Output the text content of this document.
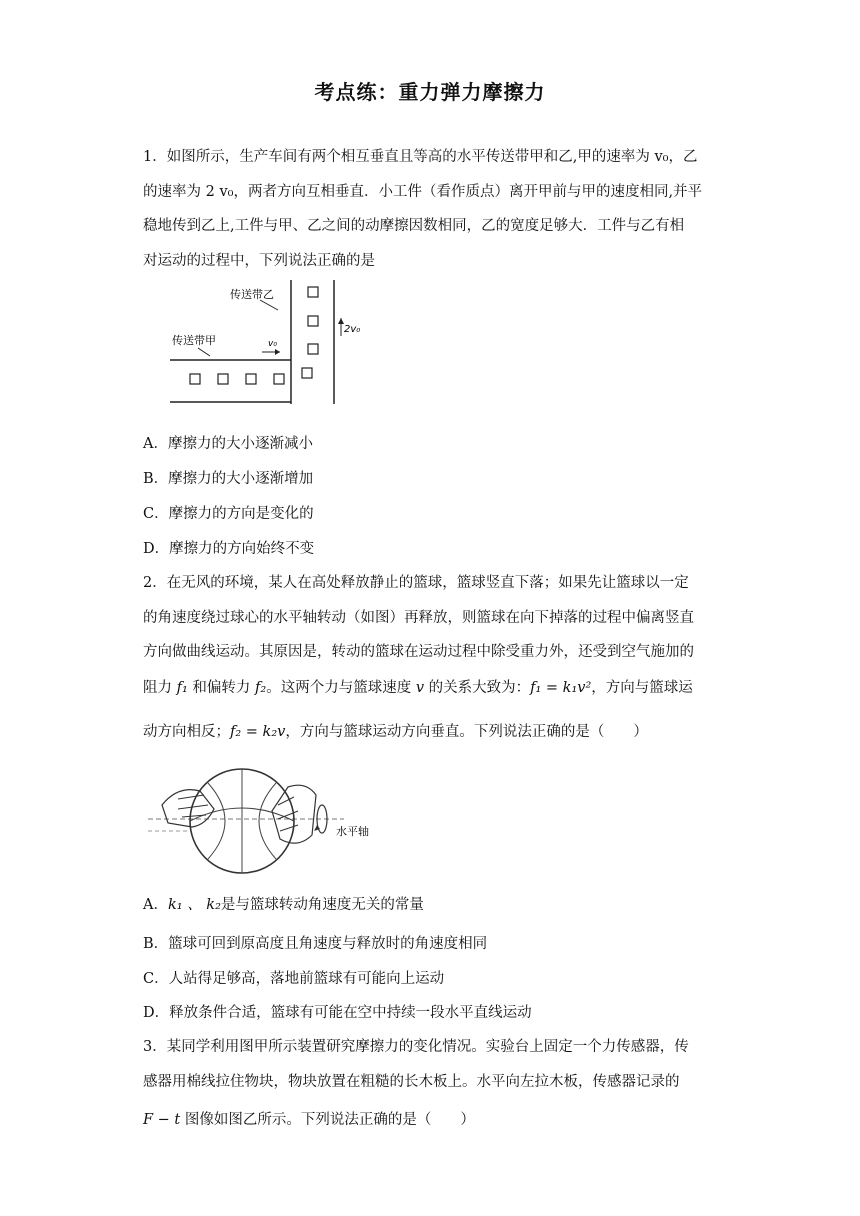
考点练：重力弹力摩擦力
1．如图所示，生产车间有两个相互垂直且等高的水平传送带甲和乙,甲的速率为 v₀，乙
的速率为 2 v₀，两者方向互相垂直．小工件（看作质点）离开甲前与甲的速度相同,并平
稳地传到乙上,工件与甲、乙之间的动摩擦因数相同，乙的宽度足够大．工件与乙有相
对运动的过程中，下列说法正确的是
传送带乙
传送带甲	v₀
2v₀
A．摩擦力的大小逐渐减小
B．摩擦力的大小逐渐增加
C．摩擦力的方向是变化的
D．摩擦力的方向始终不变
2．在无风的环境，某人在高处释放静止的篮球，篮球竖直下落；如果先让篮球以一定
的角速度绕过球心的水平轴转动（如图）再释放，则篮球在向下掉落的过程中偏离竖直
方向做曲线运动。其原因是，转动的篮球在运动过程中除受重力外，还受到空气施加的
阻力 f₁ 和偏转力 f₂。这两个力与篮球速度 v 的关系大致为：f₁ = k₁v²，方向与篮球运
动方向相反；f₂ = k₂v，方向与篮球运动方向垂直。下列说法正确的是（　　）
水平轴
A．k₁ 、 k₂是与篮球转动角速度无关的常量
B．篮球可回到原高度且角速度与释放时的角速度相同
C．人站得足够高，落地前篮球有可能向上运动
D．释放条件合适，篮球有可能在空中持续一段水平直线运动
3．某同学利用图甲所示装置研究摩擦力的变化情况。实验台上固定一个力传感器，传
感器用棉线拉住物块，物块放置在粗糙的长木板上。水平向左拉木板，传感器记录的
F − t 图像如图乙所示。下列说法正确的是（　　）
